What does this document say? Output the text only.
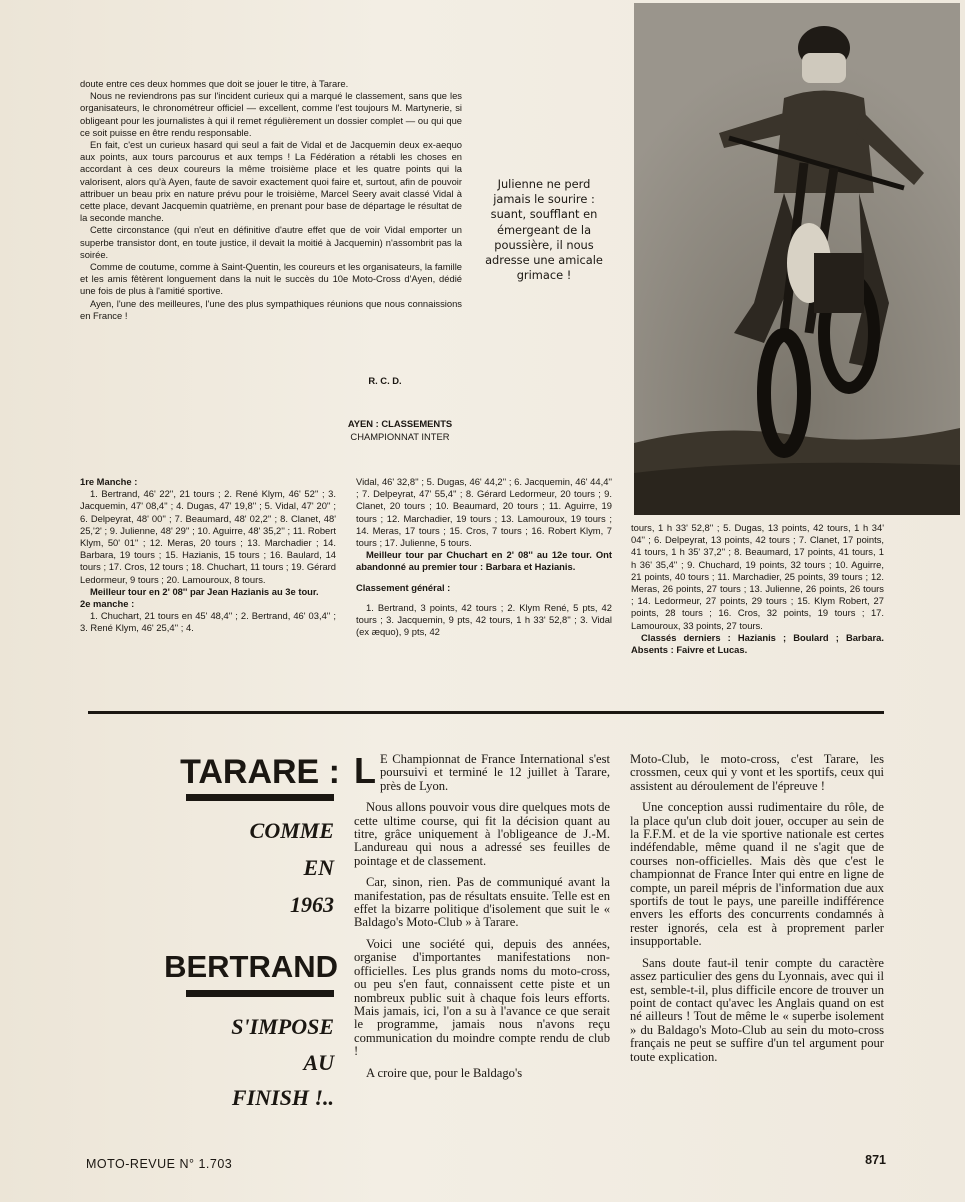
doute entre ces deux hommes que doit se jouer le titre, à Tarare.

Nous ne reviendrons pas sur l'incident curieux qui a marqué le classement, sans que les organisateurs, le chronométreur officiel — excellent, comme l'est toujours M. Martynerie, si obligeant pour les journalistes à qui il remet régulièrement un dossier complet — ou qui que ce soit puisse en être rendu responsable.

En fait, c'est un curieux hasard qui seul a fait de Vidal et de Jacquemin deux ex-aequo aux points, aux tours parcourus et aux temps ! La Fédération a rétabli les choses en accordant à ces deux coureurs la même troisième place et les quatre points qui la valorisent, alors qu'à Ayen, faute de savoir exactement quoi faire et, surtout, afin de pouvoir attribuer un beau prix en nature prévu pour le troisième, Marcel Seery avait classé Vidal à cette place, devant Jacquemin quatrième, en prenant pour base de départage le résultat de la seconde manche.

Cette circonstance (qui n'eut en définitive d'autre effet que de voir Vidal emporter un superbe transistor dont, en toute justice, il devait la moitié à Jacquemin) n'assombrit pas la soirée.

Comme de coutume, comme à Saint-Quentin, les coureurs et les organisateurs, la famille et les amis fêtèrent longuement dans la nuit le succès du 10e Moto-Cross d'Ayen, dédié une fois de plus à l'amitié sportive.

Ayen, l'une des meilleures, l'une des plus sympathiques réunions que nous connaissions en France !

R. C. D.
AYEN : CLASSEMENTS
CHAMPIONNAT INTER
Julienne ne perd jamais le sourire : suant, soufflant en émergeant de la poussière, il nous adresse une amicale grimace !

1re Manche :

1. Bertrand, 46' 22'', 21 tours ; 2. René Klym, 46' 52'' ; 3. Jacquemin, 47' 08,4'' ; 4. Dugas, 47' 19,8'' ; 5. Vidal, 47' 20'' ; 6. Delpeyrat, 48' 00'' ; 7. Beaumard, 48' 02,2'' ; 8. Clanet, 48' 25,'2' ; 9. Julienne, 48' 29'' ; 10. Aguirre, 48' 35,2'' ; 11. Robert Klym, 50' 01'' ; 12. Meras, 20 tours ; 13. Marchadier ; 14. Barbara, 19 tours ; 15. Hazianis, 15 tours ; 16. Baulard, 14 tours ; 17. Cros, 12 tours ; 18. Chuchart, 11 tours ; 19. Gérard Ledormeur, 9 tours ; 20. Lamouroux, 8 tours.

Meilleur tour en 2' 08'' par Jean Hazianis au 3e tour.

2e manche :

1. Chuchart, 21 tours en 45' 48,4'' ; 2. Bertrand, 46' 03,4'' ; 3. René Klym, 46' 25,4'' ; 4.

Vidal, 46' 32,8'' ; 5. Dugas, 46' 44,2'' ; 6. Jacquemin, 46' 44,4'' ; 7. Delpeyrat, 47' 55,4'' ; 8. Gérard Ledormeur, 20 tours ; 9. Clanet, 20 tours ; 10. Beaumard, 20 tours ; 11. Aguirre, 19 tours ; 12. Marchadier, 19 tours ; 13. Lamouroux, 19 tours ; 14. Meras, 17 tours ; 15. Cros, 7 tours ; 16. Robert Klym, 7 tours ; 17. Julienne, 5 tours.

Meilleur tour par Chuchart en 2' 08'' au 12e tour. Ont abandonné au premier tour : Barbara et Hazianis.

Classement général :

1. Bertrand, 3 points, 42 tours ; 2. Klym René, 5 pts, 42 tours ; 3. Jacquemin, 9 pts, 42 tours, 1 h 33' 52,8'' ; 3. Vidal (ex æquo), 9 pts, 42

tours, 1 h 33' 52,8'' ; 5. Dugas, 13 points, 42 tours, 1 h 34' 04'' ; 6. Delpeyrat, 13 points, 42 tours ; 7. Clanet, 17 points, 41 tours, 1 h 35' 37,2'' ; 8. Beaumard, 17 points, 41 tours, 1 h 36' 35,4'' ; 9. Chuchard, 19 points, 32 tours ; 10. Aguirre, 21 points, 40 tours ; 11. Marchadier, 25 points, 39 tours ; 12. Meras, 26 points, 27 tours ; 13. Julienne, 26 points, 26 tours ; 14. Ledormeur, 27 points, 29 tours ; 15. Klym Robert, 27 points, 28 tours ; 16. Cros, 32 points, 19 tours ; 17. Lamouroux, 33 points, 27 tours.

Classés derniers : Hazianis ; Boulard ; Barbara. Absents : Faivre et Lucas.

TARARE :
COMME
EN
1963
BERTRAND
S'IMPOSE
AU
FINISH !..

L E Championnat de France International s'est poursuivi et terminé le 12 juillet à Tarare, près de Lyon.

Nous allons pouvoir vous dire quelques mots de cette ultime course, qui fit la décision quant au titre, grâce uniquement à l'obligeance de J.-M. Landureau qui nous a adressé ses feuilles de pointage et de classement.

Car, sinon, rien. Pas de communiqué avant la manifestation, pas de résultats ensuite. Telle est en effet la bizarre politique d'isolement que suit le « Baldago's Moto-Club » à Tarare.

Voici une société qui, depuis des années, organise d'importantes manifestations non-officielles. Les plus grands noms du moto-cross, ou peu s'en faut, connaissent cette piste et un nombreux public suit à chaque fois leurs efforts. Mais jamais, ici, l'on a su à l'avance ce que serait le programme, jamais nous n'avons reçu communication du moindre compte rendu de club !

A croire que, pour le Baldago's

Moto-Club, le moto-cross, c'est Tarare, les crossmen, ceux qui y vont et les sportifs, ceux qui assistent au déroulement de l'épreuve !

Une conception aussi rudimentaire du rôle, de la place qu'un club doit jouer, occuper au sein de la F.F.M. et de la vie sportive nationale est certes indéfendable, même quand il ne s'agit que de courses non-officielles. Mais dès que c'est le championnat de France Inter qui entre en ligne de compte, un pareil mépris de l'information due aux sportifs de tout le pays, une pareille indifférence envers les efforts des concurrents condamnés à rester ignorés, cela est à proprement parler insupportable.

Sans doute faut-il tenir compte du caractère assez particulier des gens du Lyonnais, avec qui il est, semble-t-il, plus difficile encore de trouver un point de contact qu'avec les Anglais quand on est né ailleurs ! Tout de même le « superbe isolement » du Baldago's Moto-Club au sein du moto-cross français ne peut se suffire d'un tel argument pour toute explication.

MOTO-REVUE N° 1.703	871
